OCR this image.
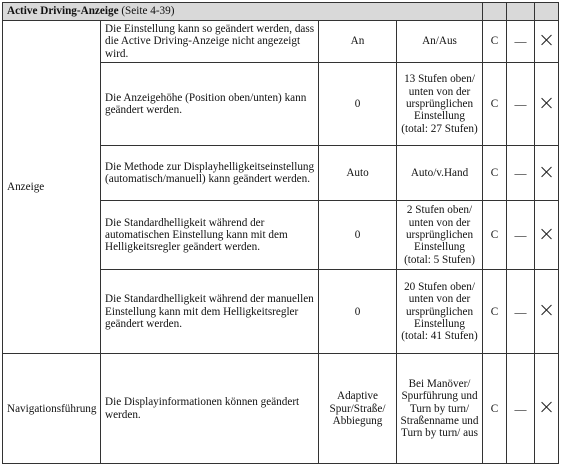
Active Driving-Anzeige (Seite 4-39)						
Anzeige	Die Einstellung kann so geändert werden, dass die Active Driving-Anzeige nicht angezeigt wird.	An	An/Aus	C	—	
	Die Anzeigehöhe (Position oben/unten) kann geändert werden.	0	13 Stufen oben/ unten von der ursprünglichen Einstellung (total: 27 Stufen)	C	—	
	Die Methode zur Displayhelligkeitseinstellung (automatisch/manuell) kann geändert werden.	Auto	Auto/v.Hand	C	—	
	Die Standardhelligkeit während der automatischen Einstellung kann mit dem Helligkeitsregler geändert werden.	0	2 Stufen oben/ unten von der ursprünglichen Einstellung (total: 5 Stufen)	C	—	
	Die Standardhelligkeit während der manuellen Einstellung kann mit dem Helligkeitsregler geändert werden.	0	20 Stufen oben/ unten von der ursprünglichen Einstellung (total: 41 Stufen)	C	—	
Navigationsführung	Die Displayinformationen können geändert werden.	Adaptive Spur/Straße/ Abbiegung	Bei Manöver/ Spurführung und Turn by turn/ Straßenname und Turn by turn/ aus	C	—	
